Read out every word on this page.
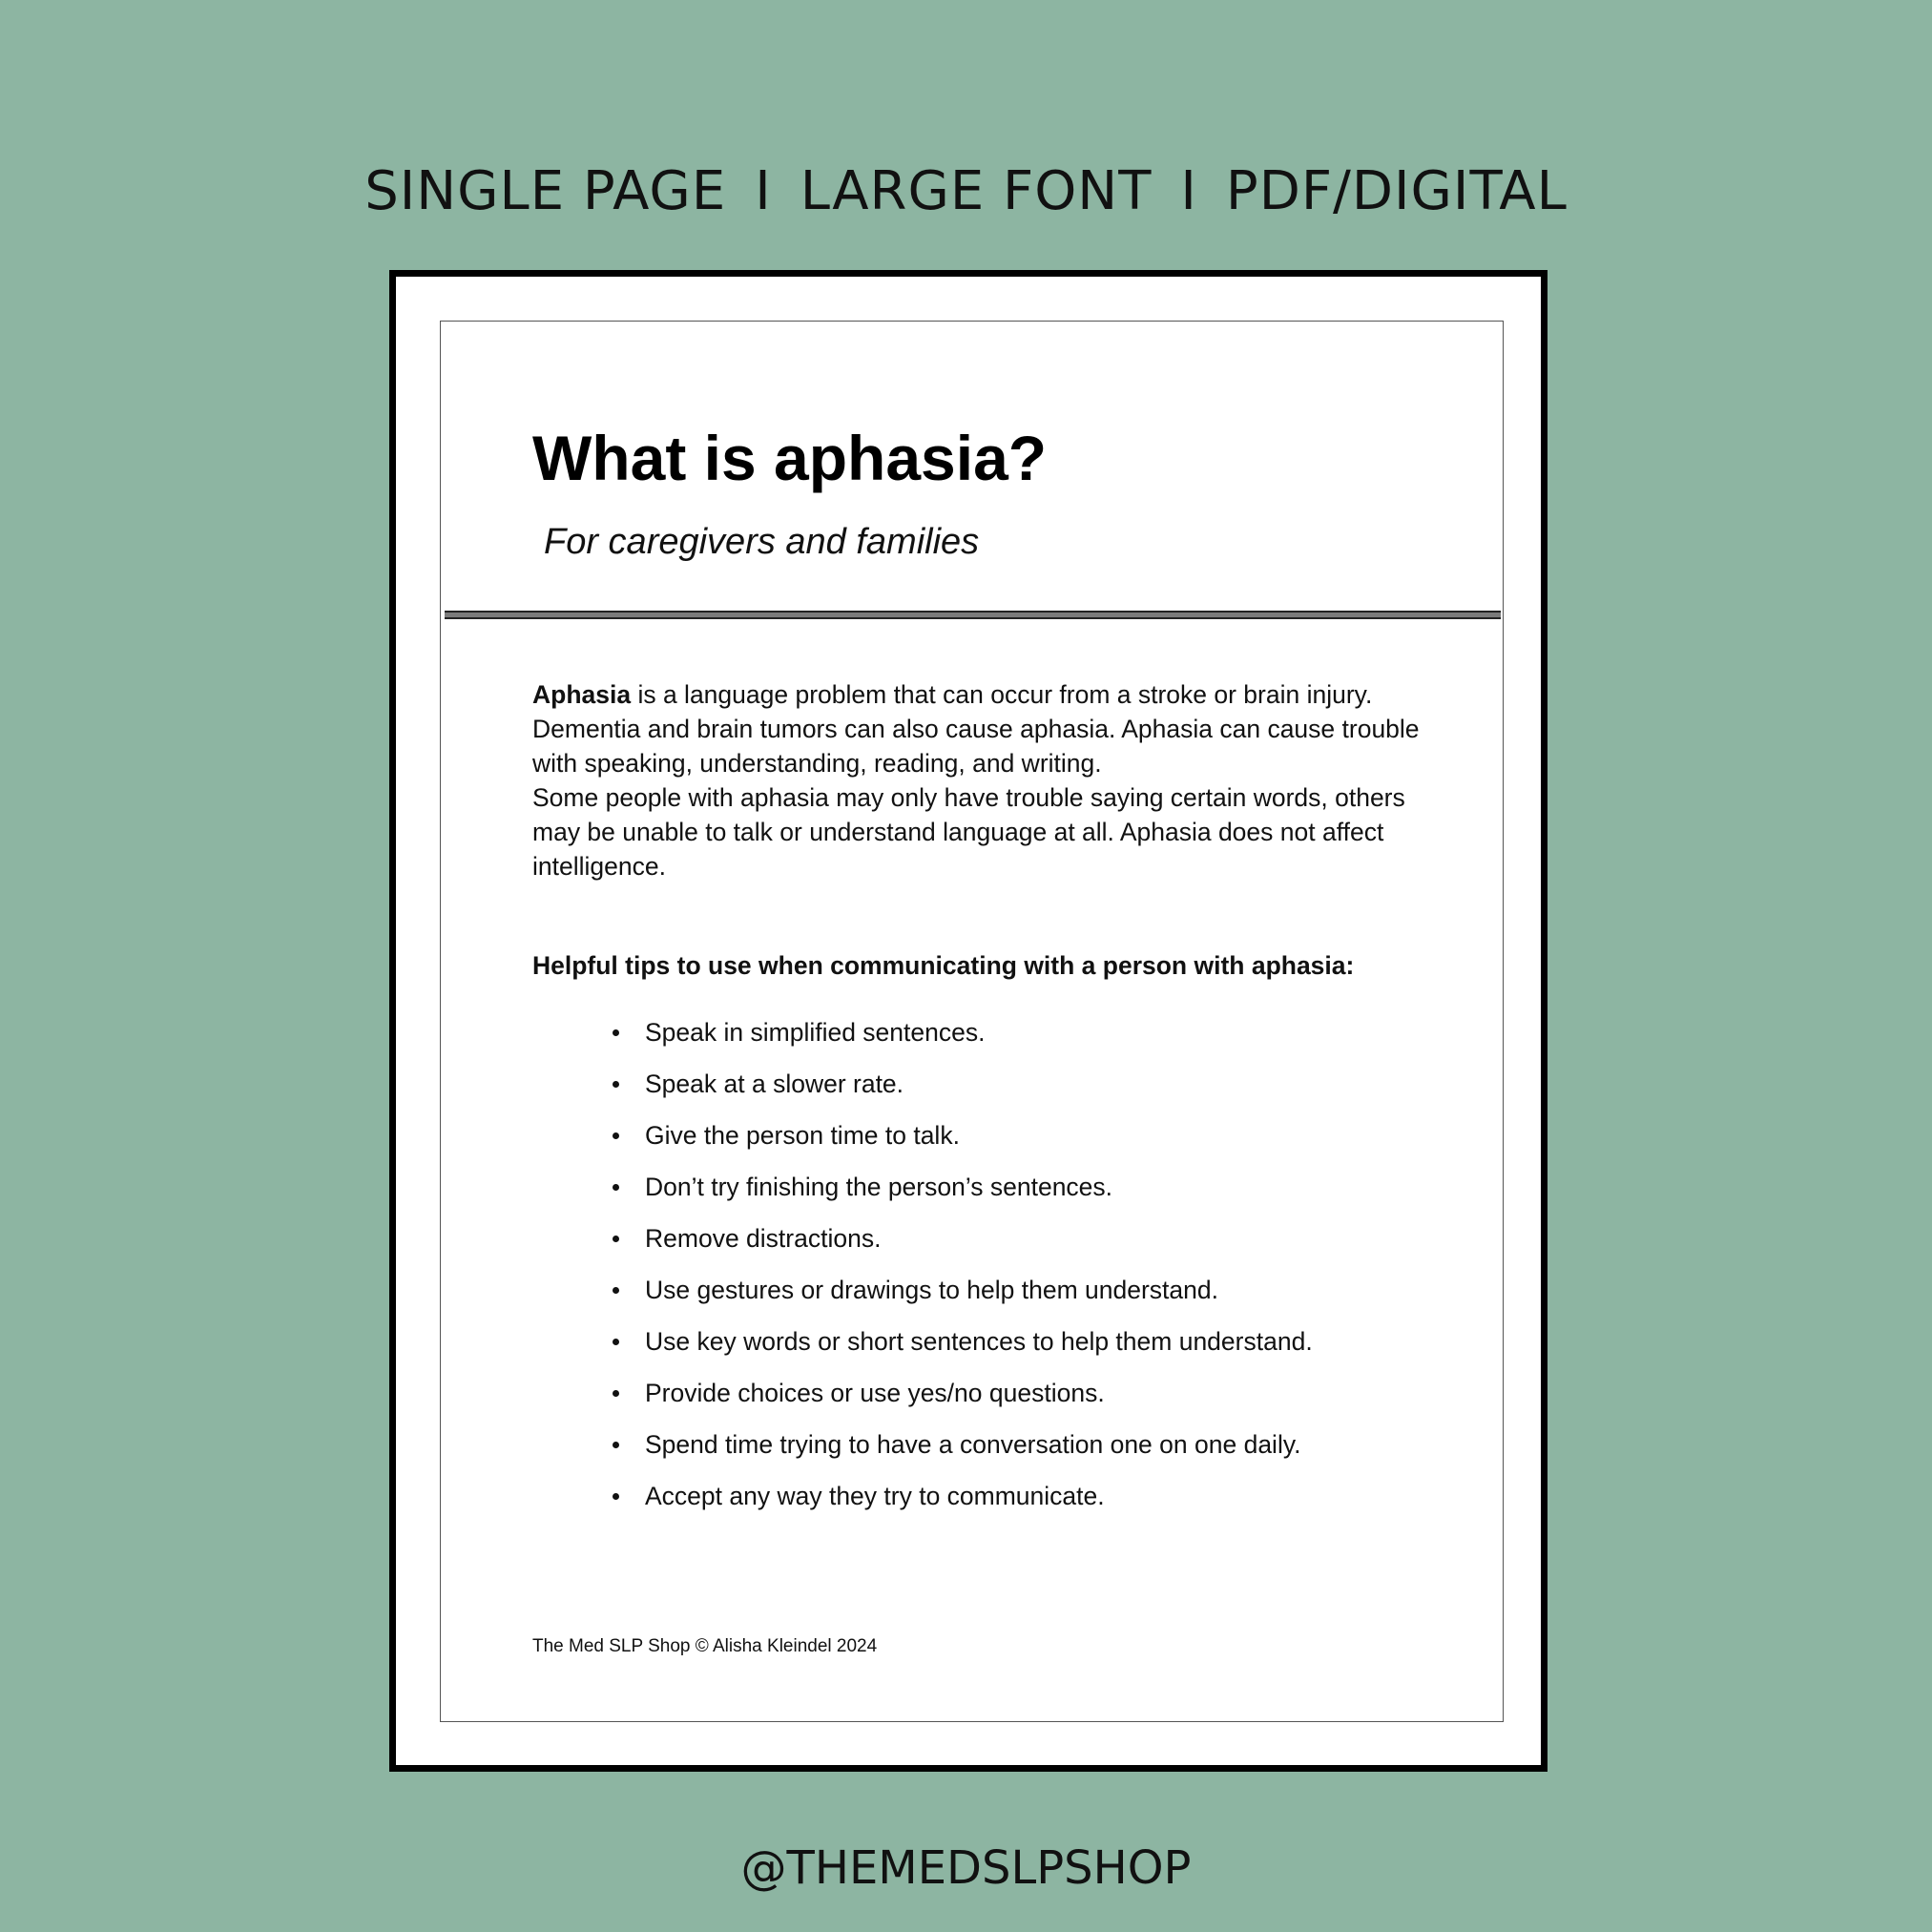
SINGLE PAGE I LARGE FONT I PDF/DIGITAL
What is aphasia?
For caregivers and families
Aphasia is a language problem that can occur from a stroke or brain injury. Dementia and brain tumors can also cause aphasia. Aphasia can cause trouble with speaking, understanding, reading, and writing.
Some people with aphasia may only have trouble saying certain words, others may be unable to talk or understand language at all. Aphasia does not affect intelligence.
Helpful tips to use when communicating with a person with aphasia:
Speak in simplified sentences.
Speak at a slower rate.
Give the person time to talk.
Don’t try finishing the person’s sentences.
Remove distractions.
Use gestures or drawings to help them understand.
Use key words or short sentences to help them understand.
Provide choices or use yes/no questions.
Spend time trying to have a conversation one on one daily.
Accept any way they try to communicate.
The Med SLP Shop © Alisha Kleindel 2024
@THEMEDSLPSHOP
